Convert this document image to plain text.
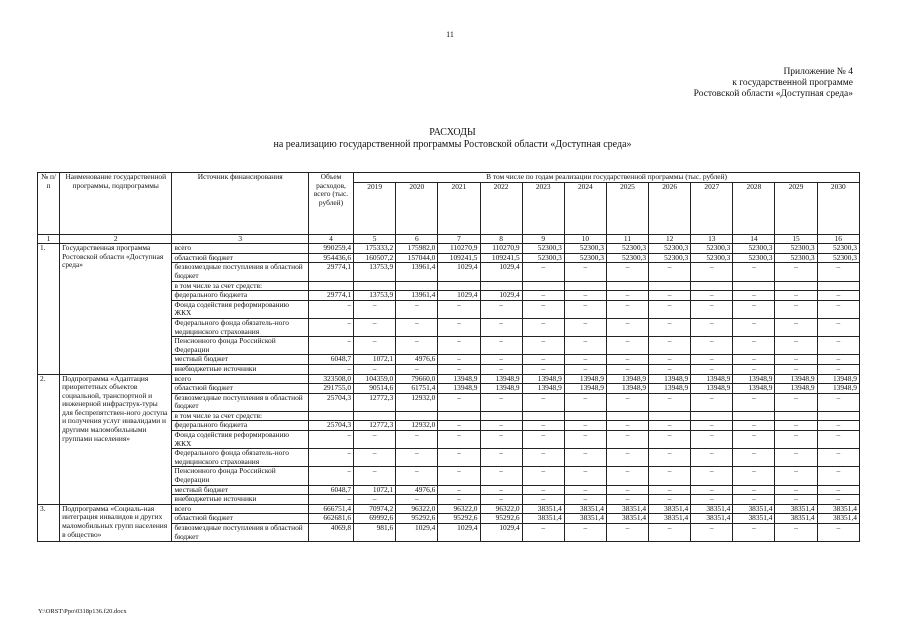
11
Приложение № 4
к государственной программе
Ростовской области «Доступная среда»
РАСХОДЫ
на реализацию государственной программы Ростовской области «Доступная среда»
№ п/п	Наименование государственной программы, подпрограммы	Источник финансирования	Объем расходов, всего (тыс. рублей)	В том числе по годам реализации государственной программы (тыс. рублей)											
				2019	2020	2021	2022	2023	2024	2025	2026	2027	2028	2029	2030
1	2	3	4	5	6	7	8	9	10	11	12	13	14	15	16
1.	Государственная программа Ростовской области «Доступная среда»	всего	990259,4	175333,2	175982,0	110270,9	110270,9	52300,3	52300,3	52300,3	52300,3	52300,3	52300,3	52300,3	52300,3
		областной бюджет	954436,6	160507,2	157044,0	109241,5	109241,5	52300,3	52300,3	52300,3	52300,3	52300,3	52300,3	52300,3	52300,3
		безвозмездные поступления в областной бюджет	29774,1	13753,9	13961,4	1029,4	1029,4	–	–	–	–	–	–	–	–
		в том числе за счет средств:													
		федерального бюджета	29774,1	13753,9	13961,4	1029,4	1029,4	–	–	–	–	–	–	–	–
		Фонда содействия реформированию ЖКХ	–	–	–	–	–	–	–	–	–	–	–	–	–
		Федерального фонда обязатель-ного медицинского страхования	–	–	–	–	–	–	–	–	–	–	–	–	–
		Пенсионного фонда Российской Федерации	–	–	–	–	–	–	–	–	–	–	–	–	–
		местный бюджет	6048,7	1072,1	4976,6	–	–	–	–	–	–	–	–	–	–
		внебюджетные источники	–	–	–	–	–	–	–	–	–	–	–	–	–
2.	Подпрограмма «Адаптация приоритетных объектов социальной, транспортной и инженерной инфраструк-туры для беспрепятствен-ного доступа и получения услуг инвалидами и другими маломобильными группами населения»	всего	323508,0	104359,0	79660,0	13948,9	13948,9	13948,9	13948,9	13948,9	13948,9	13948,9	13948,9	13948,9	13948,9
		областной бюджет	291755,0	90514,6	61751,4	13948,9	13948,9	13948,9	13948,9	13948,9	13948,9	13948,9	13948,9	13948,9	13948,9
		безвозмездные поступления в областной бюджет	25704,3	12772,3	12932,0	–	–	–	–	–	–	–	–	–	–
		в том числе за счет средств:													
		федерального бюджета	25704,3	12772,3	12932,0	–	–	–	–	–	–	–	–	–	–
		Фонда содействия реформированию ЖКХ	–	–	–	–	–	–	–	–	–	–	–	–	–
		Федерального фонда обязатель-ного медицинского страхования	–	–	–	–	–	–	–	–	–	–	–	–	–
		Пенсионного фонда Российской Федерации	–	–	–	–	–	–	–	–	–	–	–	–	–
		местный бюджет	6048,7	1072,1	4976,6	–	–	–	–	–	–	–	–	–	–
		внебюджетные источники	–	–	–	–	–	–	–	–	–	–	–	–	–
3.	Подпрограмма «Социаль-ная интеграция инвалидов и других маломобильных групп населения в общество»	всего	666751,4	70974,2	96322,0	96322,0	96322,0	38351,4	38351,4	38351,4	38351,4	38351,4	38351,4	38351,4	38351,4
		областной бюджет	662681,6	69992,6	95292,6	95292,6	95292,6	38351,4	38351,4	38351,4	38351,4	38351,4	38351,4	38351,4	38351,4
		безвозмездные поступления в областной бюджет	4069,8	981,6	1029,4	1029,4	1029,4	–	–	–	–	–	–	–	–
Y:\ORST\Ppo\0318p136.f20.docx
